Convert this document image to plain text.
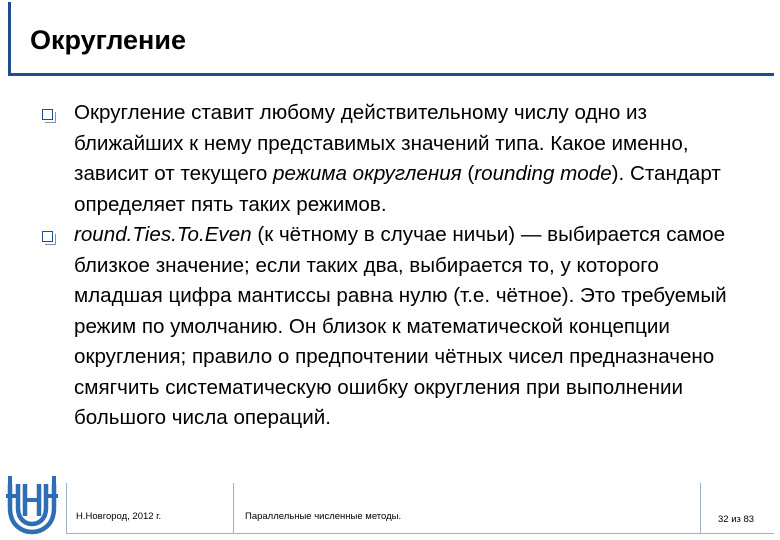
Округление
Округление ставит любому действительному числу одно из ближайших к нему представимых значений типа. Какое именно, зависит от текущего режима округления (rounding mode). Стандарт определяет пять таких режимов.
round.Ties.To.Even (к чётному в случае ничьи) — выбирается самое близкое значение; если таких два, выбирается то, у которого младшая цифра мантиссы равна нулю (т.е. чётное). Это требуемый режим по умолчанию. Он близок к математической концепции округления; правило о предпочтении чётных чисел предназначено смягчить систематическую ошибку округления при выполнении большого числа операций.
Н.Новгород, 2012 г.	Параллельные численные методы.	32 из 83
